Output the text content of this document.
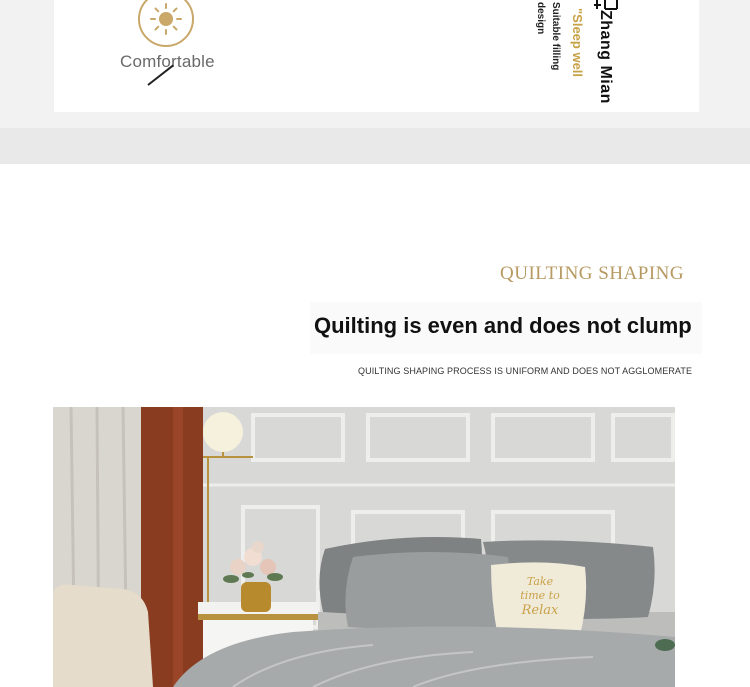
Comfortable	Zhang Mian
"Sleep well
Suitable filling
design
QUILTING SHAPING
Quilting is even and does not clump
QUILTING SHAPING PROCESS IS UNIFORM AND DOES NOT AGGLOMERATE
Take
time to
Relax
